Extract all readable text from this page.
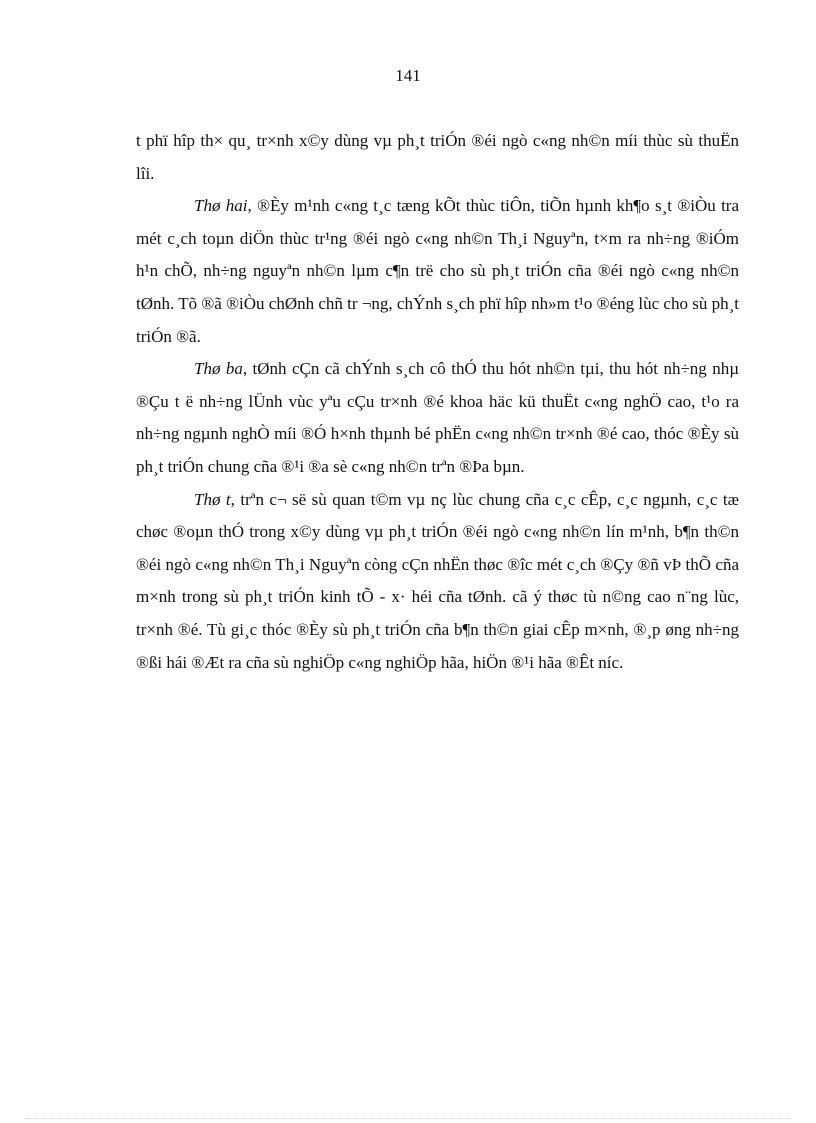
141

t phï hîp th× qu¸ tr×nh x©y dùng vµ ph¸t triÓn ®éi ngò c«ng nh©n míi thùc sù thuËn lîi.

Thø hai, ®Èy m¹nh c«ng t¸c tæng kÕt thùc tiÔn, tiÕn hµnh kh¶o s¸t ®iÒu tra mét c¸ch toµn diÖn thùc tr¹ng ®éi ngò c«ng nh©n Th¸i Nguyªn, t×m ra nh÷ng ®iÓm h¹n chÕ, nh÷ng nguyªn nh©n lµm c¶n trë cho sù ph¸t triÓn cña ®éi ngò c«ng nh©n tØnh. Tõ ®ã ®iÒu chØnh chñ tr ¬ng, chÝnh s¸ch phï hîp nh»m t¹o ®éng lùc cho sù ph¸t triÓn ®ã.

Thø ba, tØnh cÇn cã chÝnh s¸ch cô thÓ thu hót nh©n tµi, thu hót nh÷ng nhµ ®Çu t ë nh÷ng lÜnh vùc yªu cÇu tr×nh ®é khoa häc kü thuËt c«ng nghÖ cao, t¹o ra nh÷ng ngµnh nghÒ míi ®Ó h×nh thµnh bé phËn c«ng nh©n tr×nh ®é cao, thóc ®Èy sù ph¸t triÓn chung cña ®¹i ®a sè c«ng nh©n trªn ®Þa bµn.

Thø t, trªn c¬ së sù quan t©m vµ nç lùc chung cña c¸c cÊp, c¸c ngµnh, c¸c tæ chøc ®oµn thÓ trong x©y dùng vµ ph¸t triÓn ®éi ngò c«ng nh©n lín m¹nh, b¶n th©n ®éi ngò c«ng nh©n Th¸i Nguyªn còng cÇn nhËn thøc ®îc mét c¸ch ®Çy ®ñ vÞ thÕ cña m×nh trong sù ph¸t triÓn kinh tÕ - x· héi cña tØnh. cã ý thøc tù n©ng cao n¨ng lùc, tr×nh ®é. Tù gi¸c thóc ®Èy sù ph¸t triÓn cña b¶n th©n giai cÊp m×nh, ®¸p øng nh÷ng ®ßi hái ®Æt ra cña sù nghiÖp c«ng nghiÖp hãa, hiÖn ®¹i hãa ®Êt níc.
